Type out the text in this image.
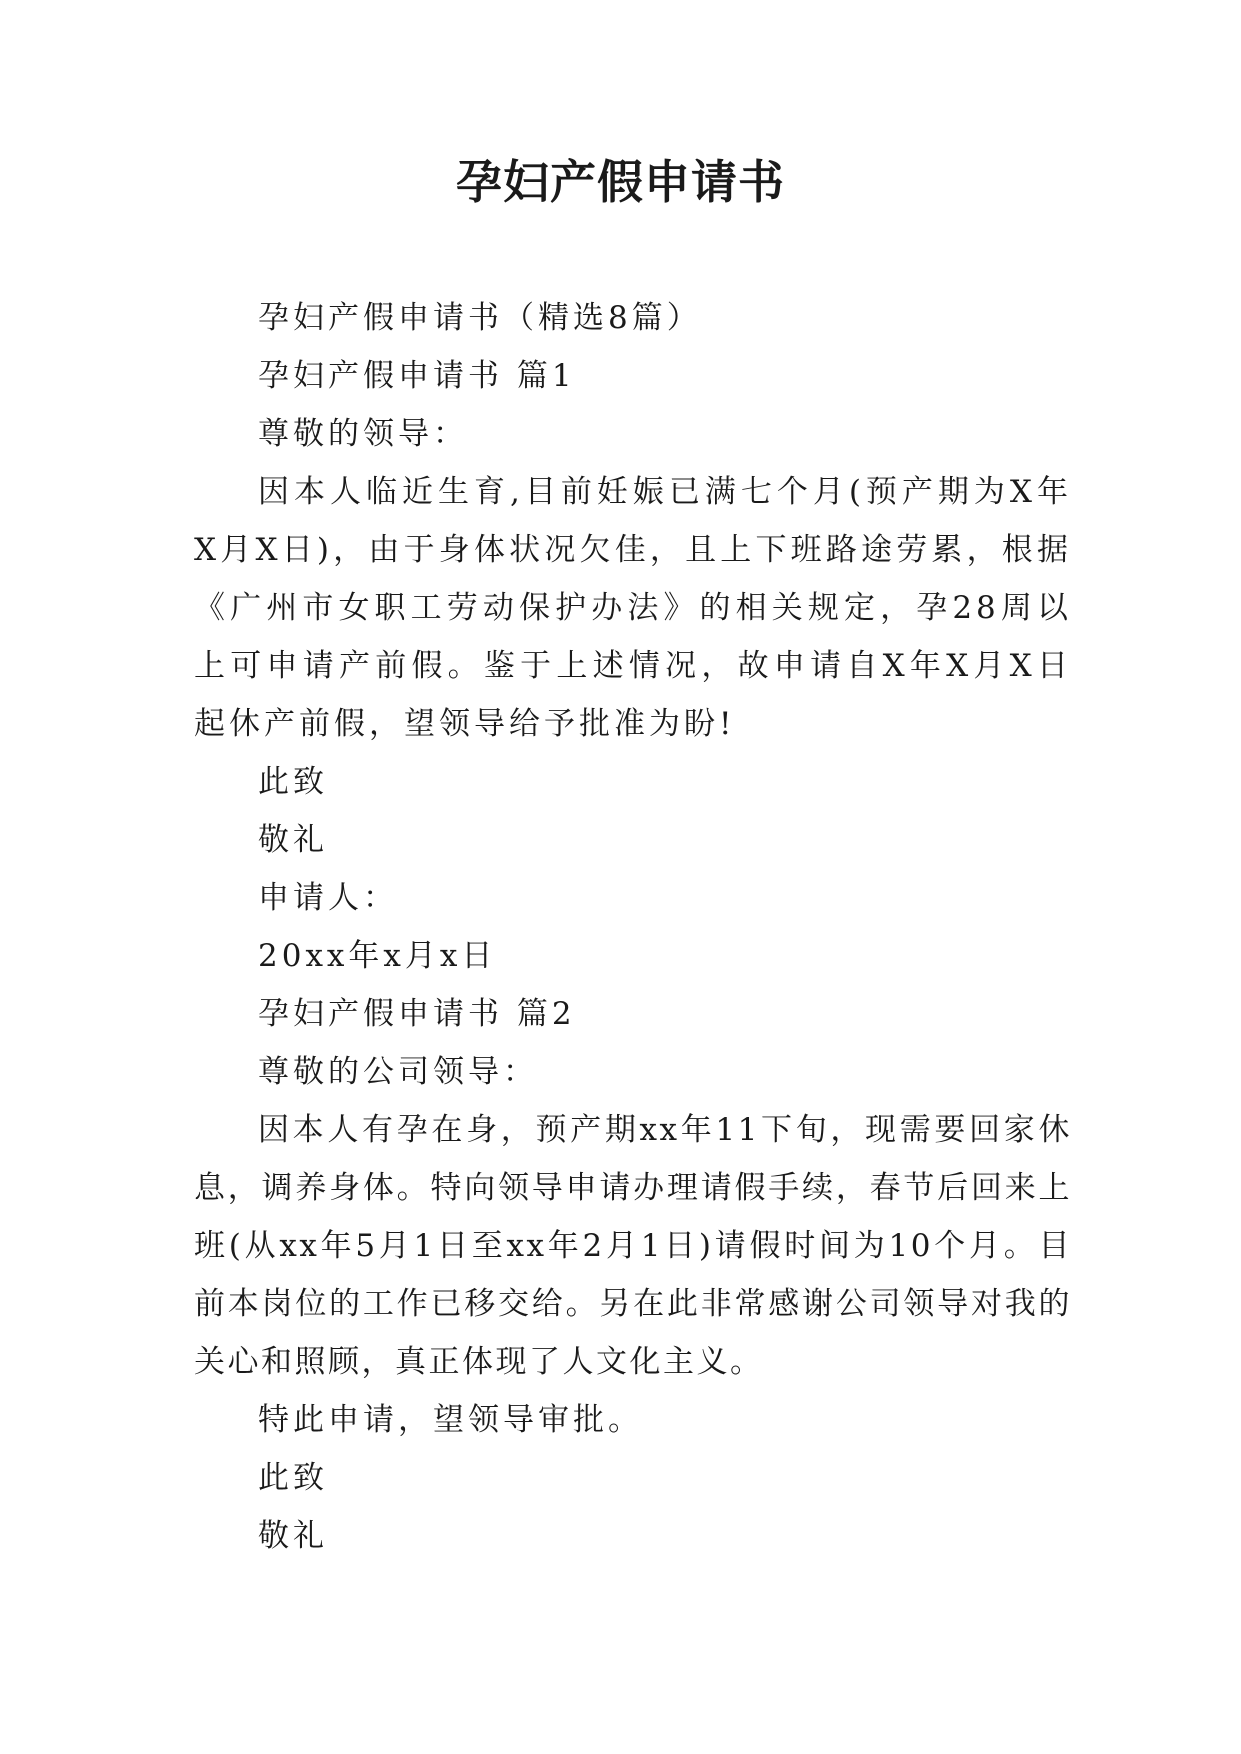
孕妇产假申请书

孕妇产假申请书（精选8篇）

孕妇产假申请书 篇1

尊敬的领导：

因本人临近生育,目前妊娠已满七个月(预产期为X年X月X日)，由于身体状况欠佳，且上下班路途劳累，根据《广州市女职工劳动保护办法》的相关规定，孕28周以上可申请产前假。鉴于上述情况，故申请自X年X月X日起休产前假，望领导给予批准为盼!

此致

敬礼

申请人：

20xx年x月x日

孕妇产假申请书 篇2

尊敬的公司领导：

因本人有孕在身，预产期xx年11下旬，现需要回家休息，调养身体。特向领导申请办理请假手续，春节后回来上班(从xx年5月1日至xx年2月1日)请假时间为10个月。目前本岗位的工作已移交给。另在此非常感谢公司领导对我的关心和照顾，真正体现了人文化主义。

特此申请，望领导审批。

此致

敬礼
